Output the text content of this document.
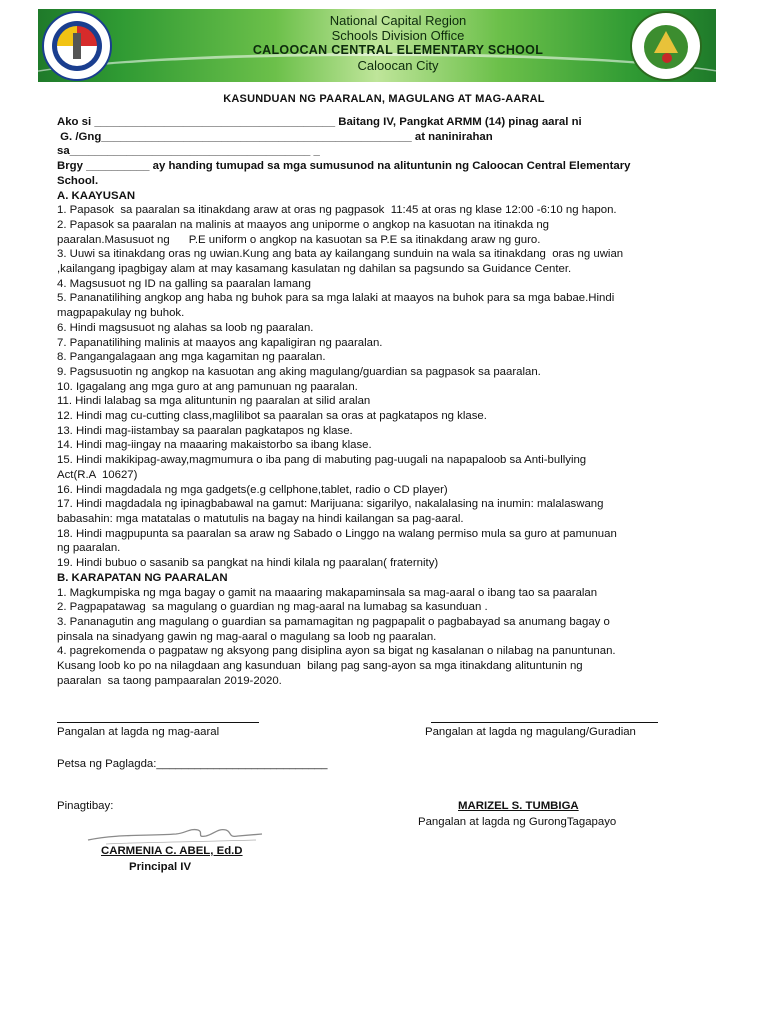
National Capital Region
Schools Division Office
CALOOCAN CENTRAL ELEMENTARY SCHOOL
Caloocan City
KASUNDUAN NG PAARALAN, MAGULANG AT MAG-AARAL
Ako si ______________________________________ Baitang IV, Pangkat ARMM (14) pinag aaral ni
G. /Gng_________________________________________________ at naninirahan
sa______________________________________ _
Brgy __________ ay handing tumupad sa mga sumusunod na alituntunin ng Caloocan Central Elementary
School.
A. KAAYUSAN
1. Papasok  sa paaralan sa itinakdang araw at oras ng pagpasok  11:45 at oras ng klase 12:00 -6:10 ng hapon.
2. Papasok sa paaralan na malinis at maayos ang uniporme o angkop na kasuotan na itinakda ng
paaralan.Masusuot ng      P.E uniform o angkop na kasuotan sa P.E sa itinakdang araw ng guro.
3. Uuwi sa itinakdang oras ng uwian.Kung ang bata ay kailangang sunduin na wala sa itinakdang  oras ng uwian
,kailangang ipagbigay alam at may kasamang kasulatan ng dahilan sa pagsundo sa Guidance Center.
4. Magsusuot ng ID na galling sa paaralan lamang
5. Pananatilihing angkop ang haba ng buhok para sa mga lalaki at maayos na buhok para sa mga babae.Hindi
magpapakulay ng buhok.
6. Hindi magsusuot ng alahas sa loob ng paaralan.
7. Papanatilihing malinis at maayos ang kapaligiran ng paaralan.
8. Pangangalagaan ang mga kagamitan ng paaralan.
9. Pagsusuotin ng angkop na kasuotan ang aking magulang/guardian sa pagpasok sa paaralan.
10. Igagalang ang mga guro at ang pamunuan ng paaralan.
11. Hindi lalabag sa mga alituntunin ng paaralan at silid aralan
12. Hindi mag cu-cutting class,maglilibot sa paaralan sa oras at pagkatapos ng klase.
13. Hindi mag-iistambay sa paaralan pagkatapos ng klase.
14. Hindi mag-iingay na maaaring makaistorbo sa ibang klase.
15. Hindi makikipag-away,magmumura o iba pang di mabuting pag-uugali na napapaloob sa Anti-bullying
Act(R.A  10627)
16. Hindi magdadala ng mga gadgets(e.g cellphone,tablet, radio o CD player)
17. Hindi magdadala ng ipinagbabawal na gamut: Marijuana: sigarilyo, nakalalasing na inumin: malalaswang
babasahin: mga matatalas o matutulis na bagay na hindi kailangan sa pag-aaral.
18. Hindi magpupunta sa paaralan sa araw ng Sabado o Linggo na walang permiso mula sa guro at pamunuan
ng paaralan.
19. Hindi bubuo o sasanib sa pangkat na hindi kilala ng paaralan( fraternity)
B. KARAPATAN NG PAARALAN
1. Magkumpiska ng mga bagay o gamit na maaaring makapaminsala sa mag-aaral o ibang tao sa paaralan
2. Pagpapatawag  sa magulang o guardian ng mag-aaral na lumabag sa kasunduan .
3. Pananagutin ang magulang o guardian sa pamamagitan ng pagpapalit o pagbabayad sa anumang bagay o
pinsala na sinadyang gawin ng mag-aaral o magulang sa loob ng paaralan.
4. pagrekomenda o pagpataw ng aksyong pang disiplina ayon sa bigat ng kasalanan o nilabag na panuntunan.
Kusang loob ko po na nilagdaan ang kasunduan  bilang pag sang-ayon sa mga itinakdang alituntunin ng
paaralan  sa taong pampaaralan 2019-2020.
Pangalan at lagda ng mag-aaral	Pangalan at lagda ng magulang/Guradian
Petsa ng Paglagda:___________________________
Pinagtibay:	MARIZEL S. TUMBIGA
Pangalan at lagda ng GurongTagapayo
CARMENIA C. ABEL, Ed.D
Principal IV
